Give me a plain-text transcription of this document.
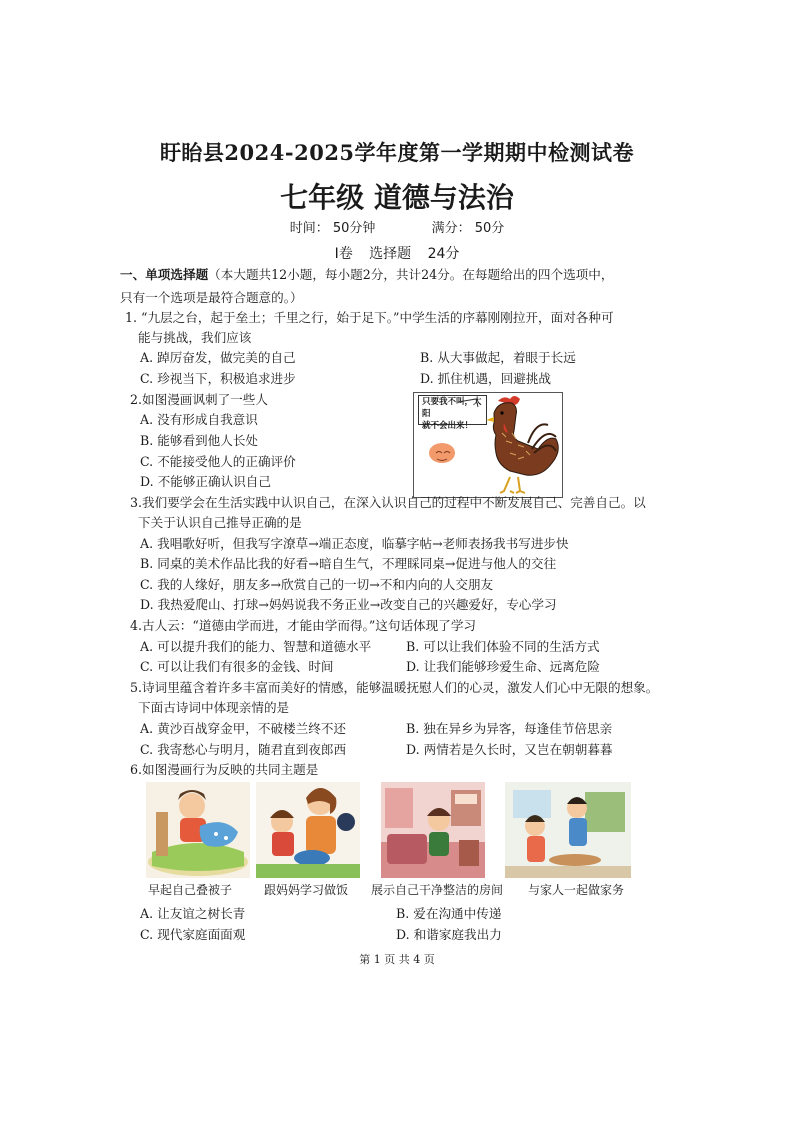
盱眙县2024-2025学年度第一学期期中检测试卷
七年级 道德与法治
时间： 50分钟	满分： 50分
Ⅰ卷 选择题 24分
一、单项选择题（本大题共12小题，每小题2分，共计24分。在每题给出的四个选项中，
只有一个选项是最符合题意的。）
1. “九层之台，起于垒土；千里之行，始于足下。”中学生活的序幕刚刚拉开，面对各种可
能与挑战，我们应该
A. 踔厉奋发，做完美的自己	B. 从大事做起，着眼于长远
C. 珍视当下，积极追求进步	D. 抓住机遇，回避挑战
2.如图漫画讽刺了一些人
A. 没有形成自我意识
B. 能够看到他人长处
C. 不能接受他人的正确评价
D. 不能够正确认识自己
只要我不叫，太阳
就不会出来！
3.我们要学会在生活实践中认识自己，在深入认识自己的过程中不断发展自己、完善自己。以
下关于认识自己推导正确的是
A. 我唱歌好听，但我写字潦草→端正态度，临摹字帖→老师表扬我书写进步快
B. 同桌的美术作品比我的好看→暗自生气，不理睬同桌→促进与他人的交往
C. 我的人缘好，朋友多→欣赏自己的一切→不和内向的人交朋友
D. 我热爱爬山、打球→妈妈说我不务正业→改变自己的兴趣爱好，专心学习
4.古人云：“道德由学而进，才能由学而得。”这句话体现了学习
A. 可以提升我们的能力、智慧和道德水平	B. 可以让我们体验不同的生活方式
C. 可以让我们有很多的金钱、时间	D. 让我们能够珍爱生命、远离危险
5.诗词里蕴含着许多丰富而美好的情感，能够温暖抚慰人们的心灵，激发人们心中无限的想象。
下面古诗词中体现亲情的是
A. 黄沙百战穿金甲，不破楼兰终不还	B. 独在异乡为异客，每逢佳节倍思亲
C. 我寄愁心与明月，随君直到夜郎西	D. 两情若是久长时，又岂在朝朝暮暮
6.如图漫画行为反映的共同主题是
早起自己叠被子	跟妈妈学习做饭 展示自己干净整洁的房间 与家人一起做家务
A. 让友谊之树长青	B. 爱在沟通中传递
C. 现代家庭面面观	D. 和谐家庭我出力
第 1 页 共 4 页
